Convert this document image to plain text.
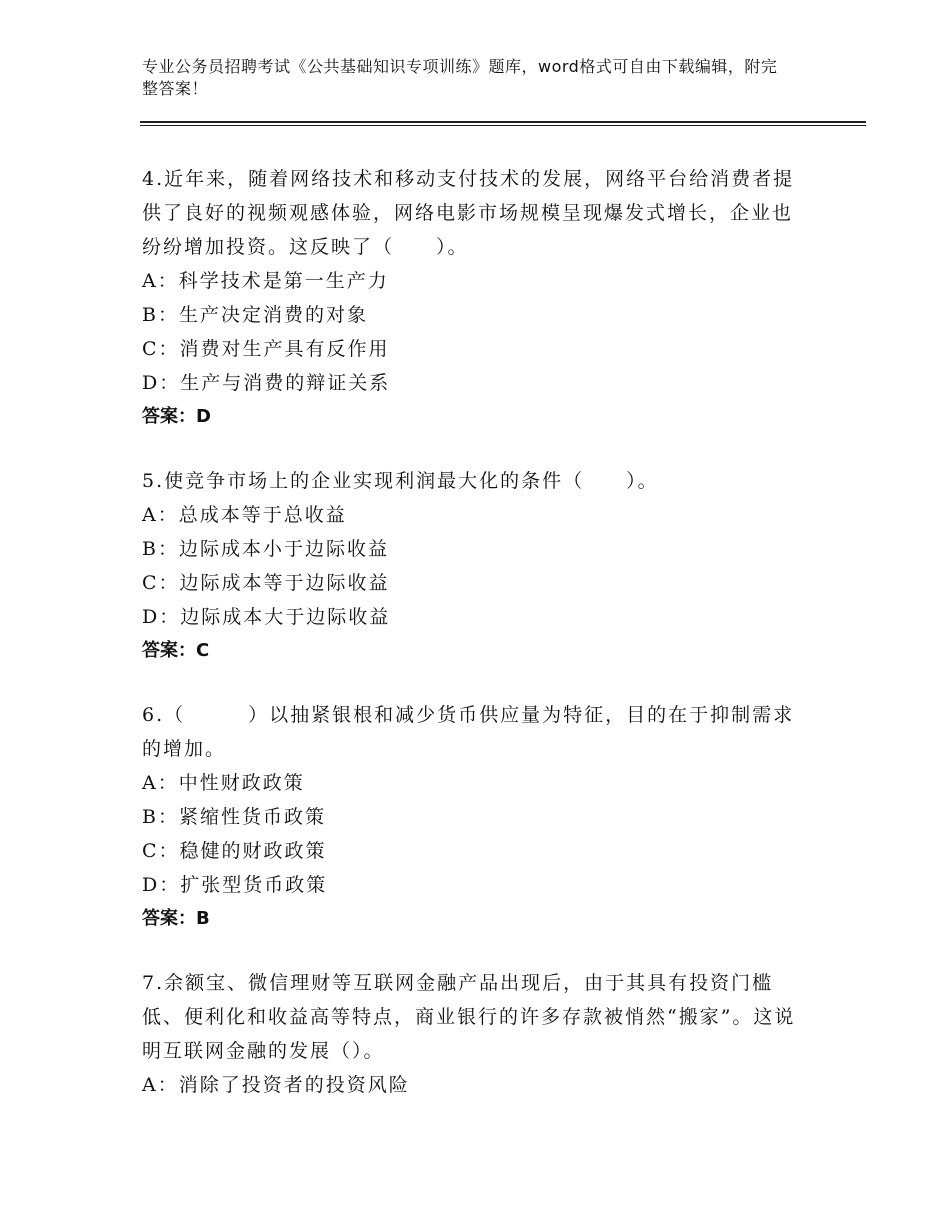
专业公务员招聘考试《公共基础知识专项训练》题库，word格式可自由下载编辑，附完整答案！

4.近年来，随着网络技术和移动支付技术的发展，网络平台给消费者提供了良好的视频观感体验，网络电影市场规模呈现爆发式增长，企业也纷纷增加投资。这反映了（　　）。

A：科学技术是第一生产力

B：生产决定消费的对象

C：消费对生产具有反作用

D：生产与消费的辩证关系

答案：D

5.使竞争市场上的企业实现利润最大化的条件（　　）。

A：总成本等于总收益

B：边际成本小于边际收益

C：边际成本等于边际收益

D：边际成本大于边际收益

答案：C

6.（　　　）以抽紧银根和减少货币供应量为特征，目的在于抑制需求的增加。

A：中性财政政策

B：紧缩性货币政策

C：稳健的财政政策

D：扩张型货币政策

答案：B

7.余额宝、微信理财等互联网金融产品出现后，由于其具有投资门槛低、便利化和收益高等特点，商业银行的许多存款被悄然“搬家”。这说明互联网金融的发展（）。

A：消除了投资者的投资风险
